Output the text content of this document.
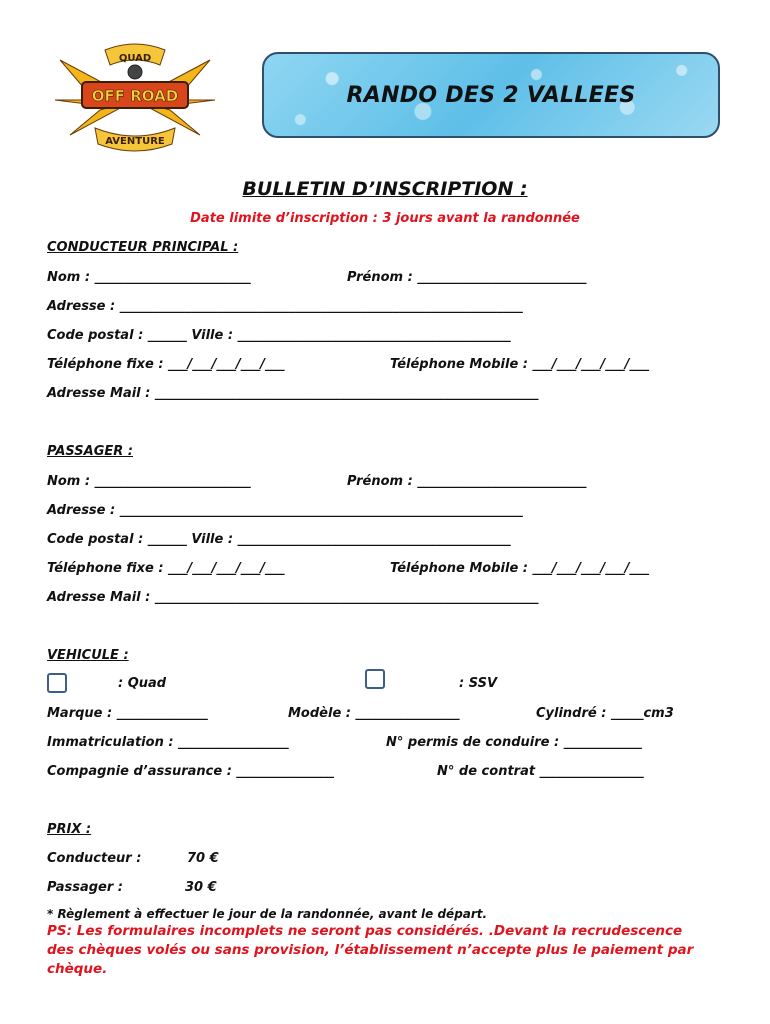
QUAD
OFF ROAD
AVENTURE
RANDO DES 2 VALLEES
BULLETIN D’INSCRIPTION :
Date limite d’inscription : 3 jours avant la randonnée
CONDUCTEUR PRINCIPAL :
Nom : ________________________	Prénom : __________________________
Adresse : ______________________________________________________________
Code postal : ______ Ville : __________________________________________
Téléphone fixe : ___/___/___/___/___	Téléphone Mobile : ___/___/___/___/___
Adresse Mail : ___________________________________________________________
PASSAGER :
Nom : ________________________	Prénom : __________________________
Adresse : ______________________________________________________________
Code postal : ______ Ville : __________________________________________
Téléphone fixe : ___/___/___/___/___	Téléphone Mobile : ___/___/___/___/___
Adresse Mail : ___________________________________________________________
VEHICULE :
: Quad	: SSV
Marque : ______________	Modèle : ________________	Cylindré : _____cm3
Immatriculation : _________________	N° permis de conduire : ____________
Compagnie d’assurance : _______________	N° de contrat ________________
PRIX :
Conducteur :	70 €
Passager :	30 €
* Règlement à effectuer le jour de la randonnée, avant le départ.
PS: Les formulaires incomplets ne seront pas considérés. .Devant la recrudescence des chèques volés ou sans provision, l’établissement n’accepte plus le paiement par chèque.
